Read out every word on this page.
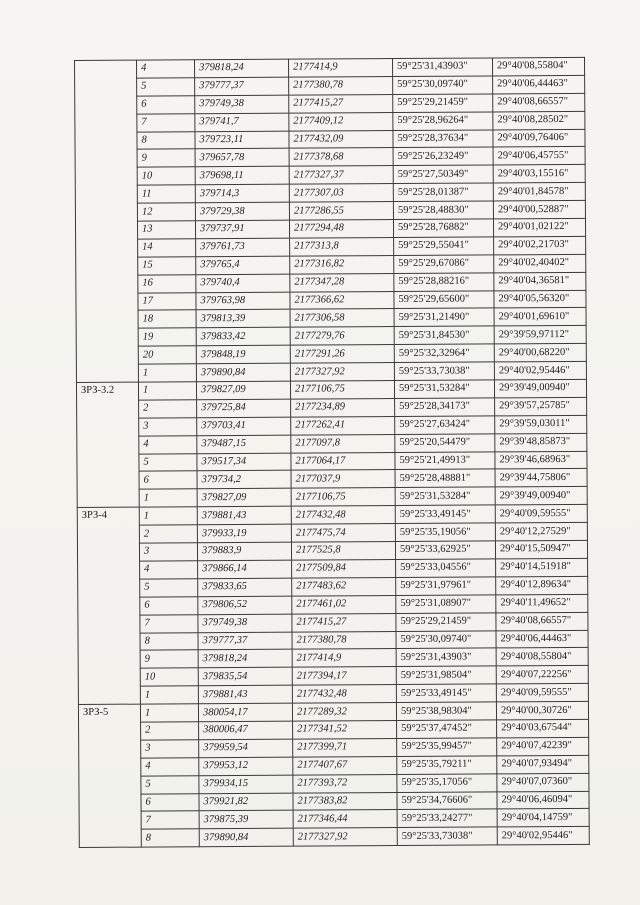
	4	379818,24	2177414,9	59°25'31,43903"	29°40'08,55804"
	5	379777,37	2177380,78	59°25'30,09740"	29°40'06,44463"
	6	379749,38	2177415,27	59°25'29,21459"	29°40'08,66557"
	7	379741,7	2177409,12	59°25'28,96264"	29°40'08,28502"
	8	379723,11	2177432,09	59°25'28,37634"	29°40'09,76406"
	9	379657,78	2177378,68	59°25'26,23249"	29°40'06,45755"
	10	379698,11	2177327,37	59°25'27,50349"	29°40'03,15516"
	11	379714,3	2177307,03	59°25'28,01387"	29°40'01,84578"
	12	379729,38	2177286,55	59°25'28,48830"	29°40'00,52887"
	13	379737,91	2177294,48	59°25'28,76882"	29°40'01,02122"
	14	379761,73	2177313,8	59°25'29,55041"	29°40'02,21703"
	15	379765,4	2177316,82	59°25'29,67086"	29°40'02,40402"
	16	379740,4	2177347,28	59°25'28,88216"	29°40'04,36581"
	17	379763,98	2177366,62	59°25'29,65600"	29°40'05,56320"
	18	379813,39	2177306,58	59°25'31,21490"	29°40'01,69610"
	19	379833,42	2177279,76	59°25'31,84530"	29°39'59,97112"
	20	379848,19	2177291,26	59°25'32,32964"	29°40'00,68220"
	1	379890,84	2177327,92	59°25'33,73038"	29°40'02,95446"
ЗРЗ-3.2	1	379827,09	2177106,75	59°25'31,53284"	29°39'49,00940"
	2	379725,84	2177234,89	59°25'28,34173"	29°39'57,25785"
	3	379703,41	2177262,41	59°25'27,63424"	29°39'59,03011"
	4	379487,15	2177097,8	59°25'20,54479"	29°39'48,85873"
	5	379517,34	2177064,17	59°25'21,49913"	29°39'46,68963"
	6	379734,2	2177037,9	59°25'28,48881"	29°39'44,75806"
	1	379827,09	2177106,75	59°25'31,53284"	29°39'49,00940"
ЗРЗ-4	1	379881,43	2177432,48	59°25'33,49145"	29°40'09,59555"
	2	379933,19	2177475,74	59°25'35,19056"	29°40'12,27529"
	3	379883,9	2177525,8	59°25'33,62925"	29°40'15,50947"
	4	379866,14	2177509,84	59°25'33,04556"	29°40'14,51918"
	5	379833,65	2177483,62	59°25'31,97961"	29°40'12,89634"
	6	379806,52	2177461,02	59°25'31,08907"	29°40'11,49652"
	7	379749,38	2177415,27	59°25'29,21459"	29°40'08,66557"
	8	379777,37	2177380,78	59°25'30,09740"	29°40'06,44463"
	9	379818,24	2177414,9	59°25'31,43903"	29°40'08,55804"
	10	379835,54	2177394,17	59°25'31,98504"	29°40'07,22256"
	1	379881,43	2177432,48	59°25'33,49145"	29°40'09,59555"
ЗРЗ-5	1	380054,17	2177289,32	59°25'38,98304"	29°40'00,30726"
	2	380006,47	2177341,52	59°25'37,47452"	29°40'03,67544"
	3	379959,54	2177399,71	59°25'35,99457"	29°40'07,42239"
	4	379953,12	2177407,67	59°25'35,79211"	29°40'07,93494"
	5	379934,15	2177393,72	59°25'35,17056"	29°40'07,07360"
	6	379921,82	2177383,82	59°25'34,76606"	29°40'06,46094"
	7	379875,39	2177346,44	59°25'33,24277"	29°40'04,14759"
	8	379890,84	2177327,92	59°25'33,73038"	29°40'02,95446"
